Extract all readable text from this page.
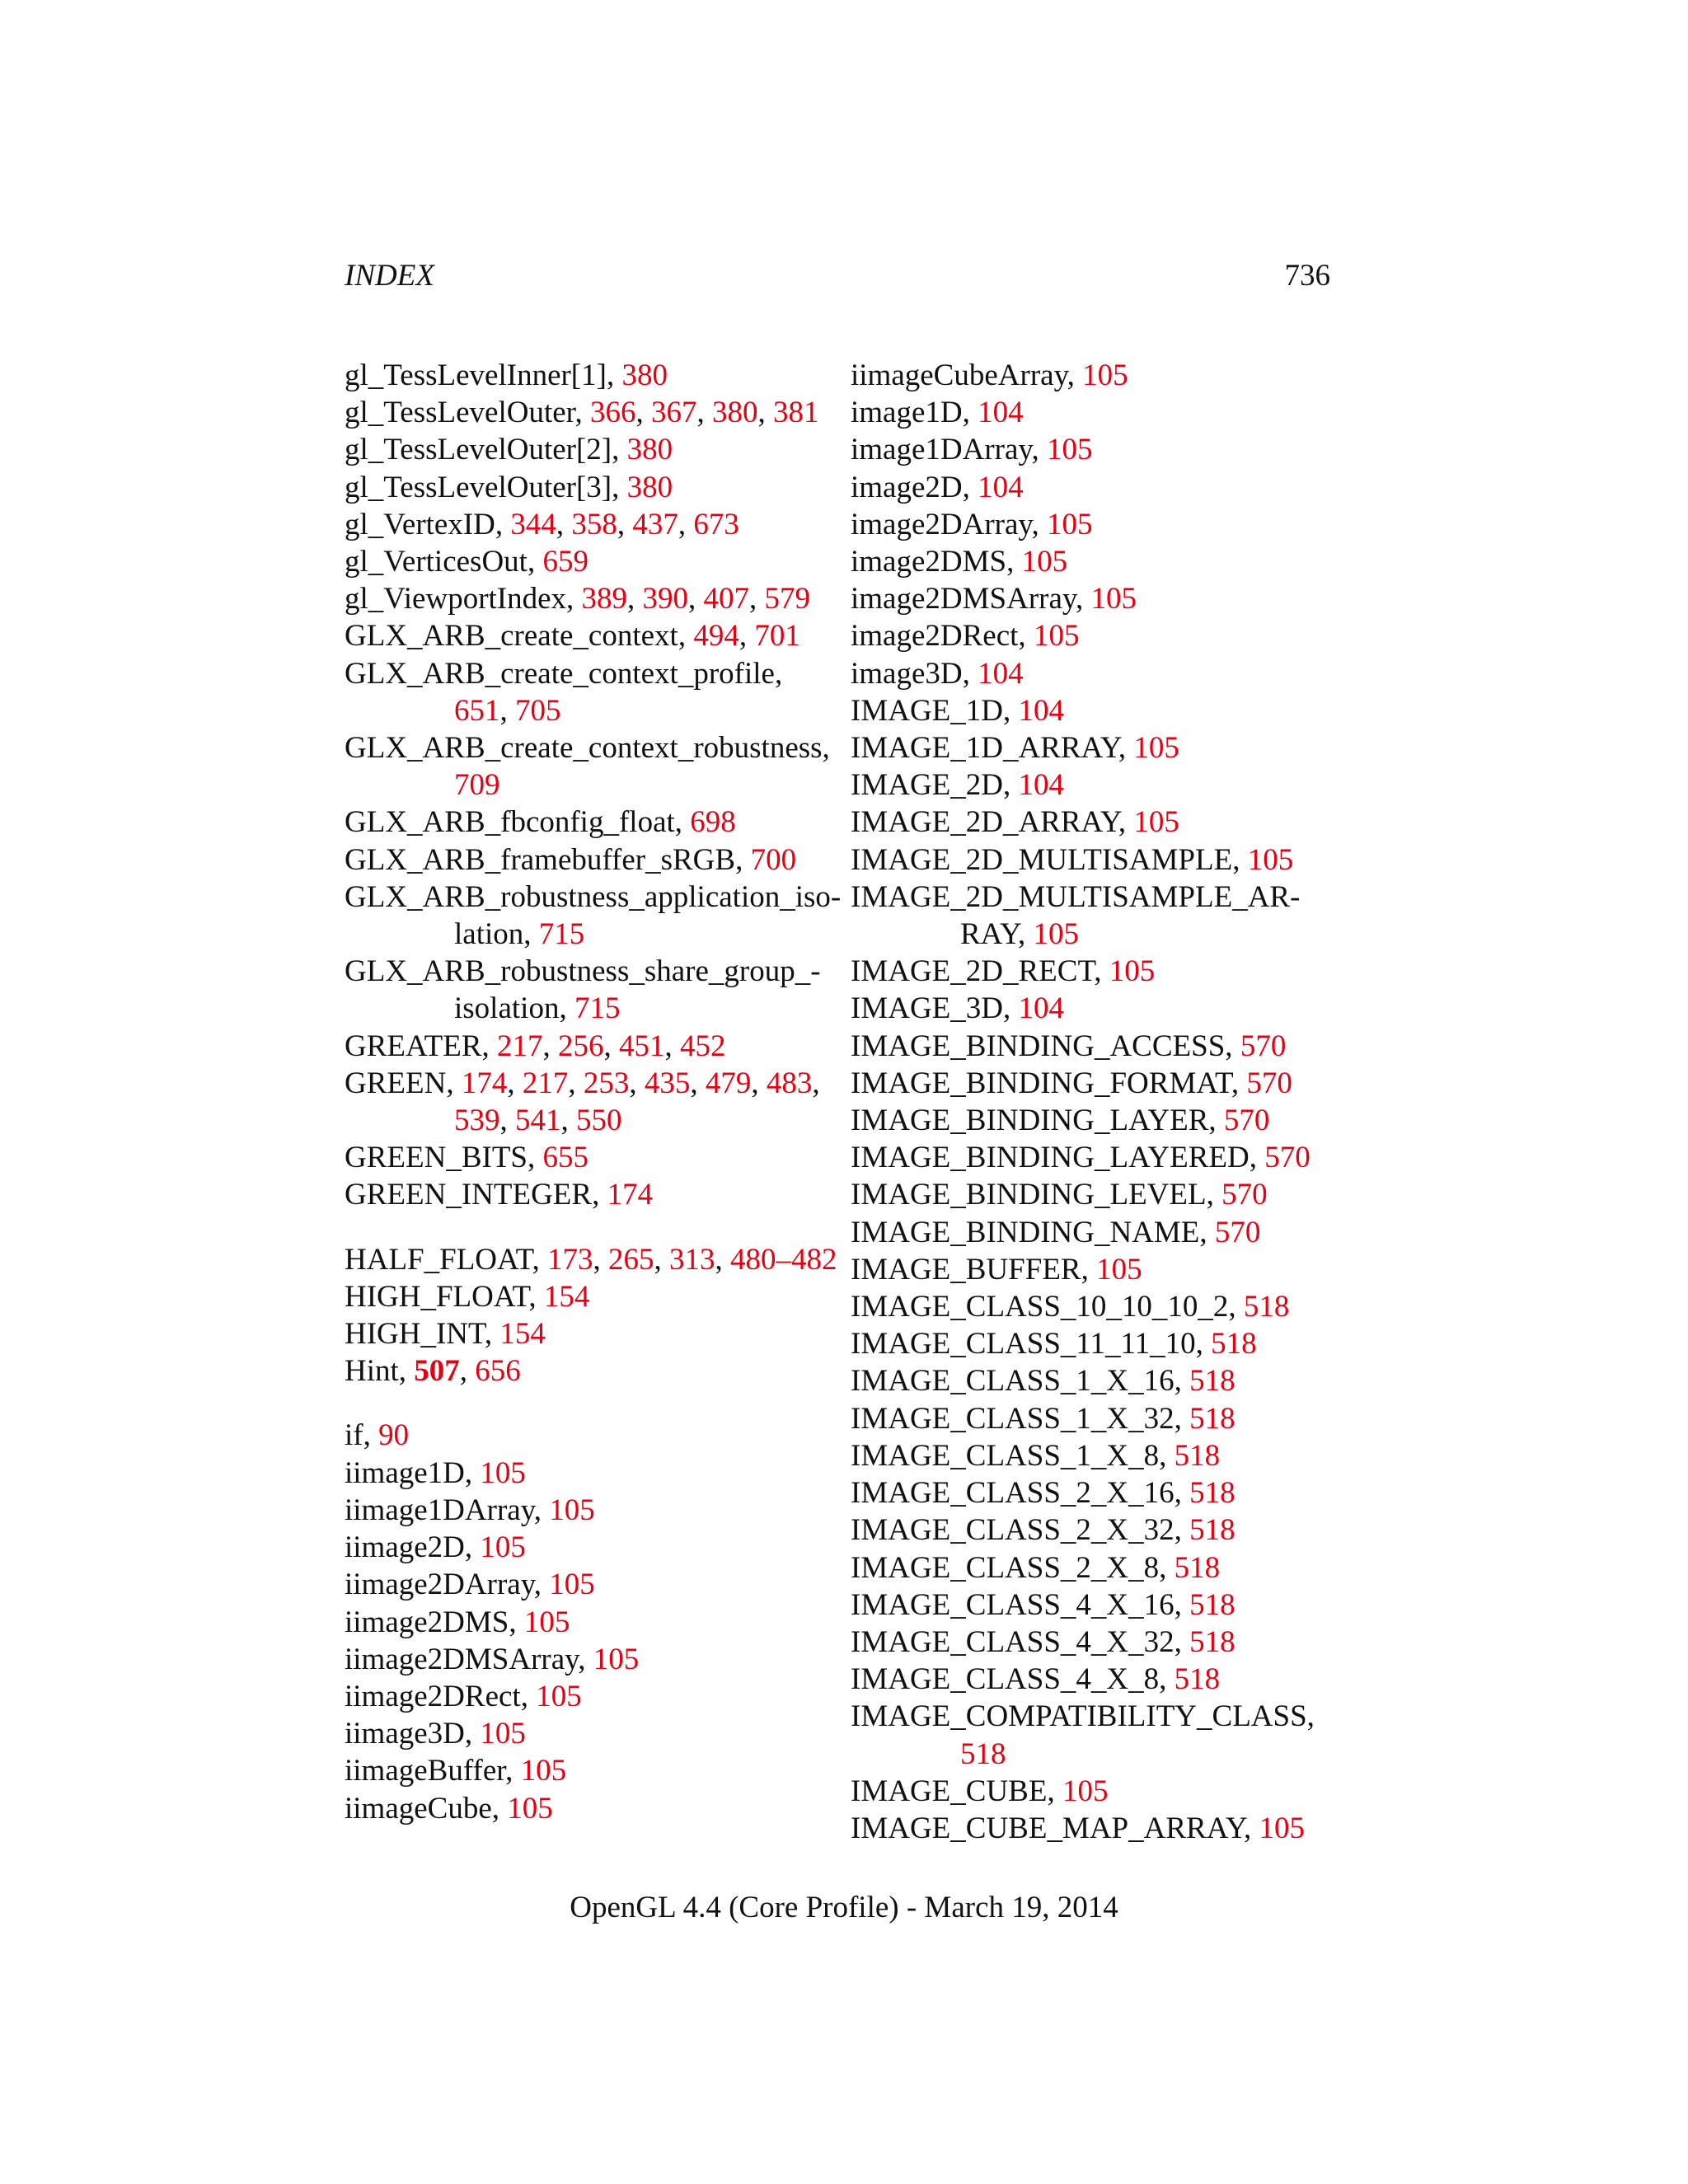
INDEX	736
gl_TessLevelInner[1], 380
gl_TessLevelOuter, 366, 367, 380, 381
gl_TessLevelOuter[2], 380
gl_TessLevelOuter[3], 380
gl_VertexID, 344, 358, 437, 673
gl_VerticesOut, 659
gl_ViewportIndex, 389, 390, 407, 579
GLX_ARB_create_context, 494, 701
GLX_ARB_create_context_profile, 651, 705
GLX_ARB_create_context_robustness, 709
GLX_ARB_fbconfig_float, 698
GLX_ARB_framebuffer_sRGB, 700
GLX_ARB_robustness_application_iso- lation, 715
GLX_ARB_robustness_share_group_- isolation, 715
GREATER, 217, 256, 451, 452
GREEN, 174, 217, 253, 435, 479, 483, 539, 541, 550
GREEN_BITS, 655
GREEN_INTEGER, 174
HALF_FLOAT, 173, 265, 313, 480–482
HIGH_FLOAT, 154
HIGH_INT, 154
Hint, 507, 656
if, 90
iimage1D, 105
iimage1DArray, 105
iimage2D, 105
iimage2DArray, 105
iimage2DMS, 105
iimage2DMSArray, 105
iimage2DRect, 105
iimage3D, 105
iimageBuffer, 105
iimageCube, 105
iimageCubeArray, 105
image1D, 104
image1DArray, 105
image2D, 104
image2DArray, 105
image2DMS, 105
image2DMSArray, 105
image2DRect, 105
image3D, 104
IMAGE_1D, 104
IMAGE_1D_ARRAY, 105
IMAGE_2D, 104
IMAGE_2D_ARRAY, 105
IMAGE_2D_MULTISAMPLE, 105
IMAGE_2D_MULTISAMPLE_AR- RAY, 105
IMAGE_2D_RECT, 105
IMAGE_3D, 104
IMAGE_BINDING_ACCESS, 570
IMAGE_BINDING_FORMAT, 570
IMAGE_BINDING_LAYER, 570
IMAGE_BINDING_LAYERED, 570
IMAGE_BINDING_LEVEL, 570
IMAGE_BINDING_NAME, 570
IMAGE_BUFFER, 105
IMAGE_CLASS_10_10_10_2, 518
IMAGE_CLASS_11_11_10, 518
IMAGE_CLASS_1_X_16, 518
IMAGE_CLASS_1_X_32, 518
IMAGE_CLASS_1_X_8, 518
IMAGE_CLASS_2_X_16, 518
IMAGE_CLASS_2_X_32, 518
IMAGE_CLASS_2_X_8, 518
IMAGE_CLASS_4_X_16, 518
IMAGE_CLASS_4_X_32, 518
IMAGE_CLASS_4_X_8, 518
IMAGE_COMPATIBILITY_CLASS, 518
IMAGE_CUBE, 105
IMAGE_CUBE_MAP_ARRAY, 105
OpenGL 4.4 (Core Profile) - March 19, 2014
